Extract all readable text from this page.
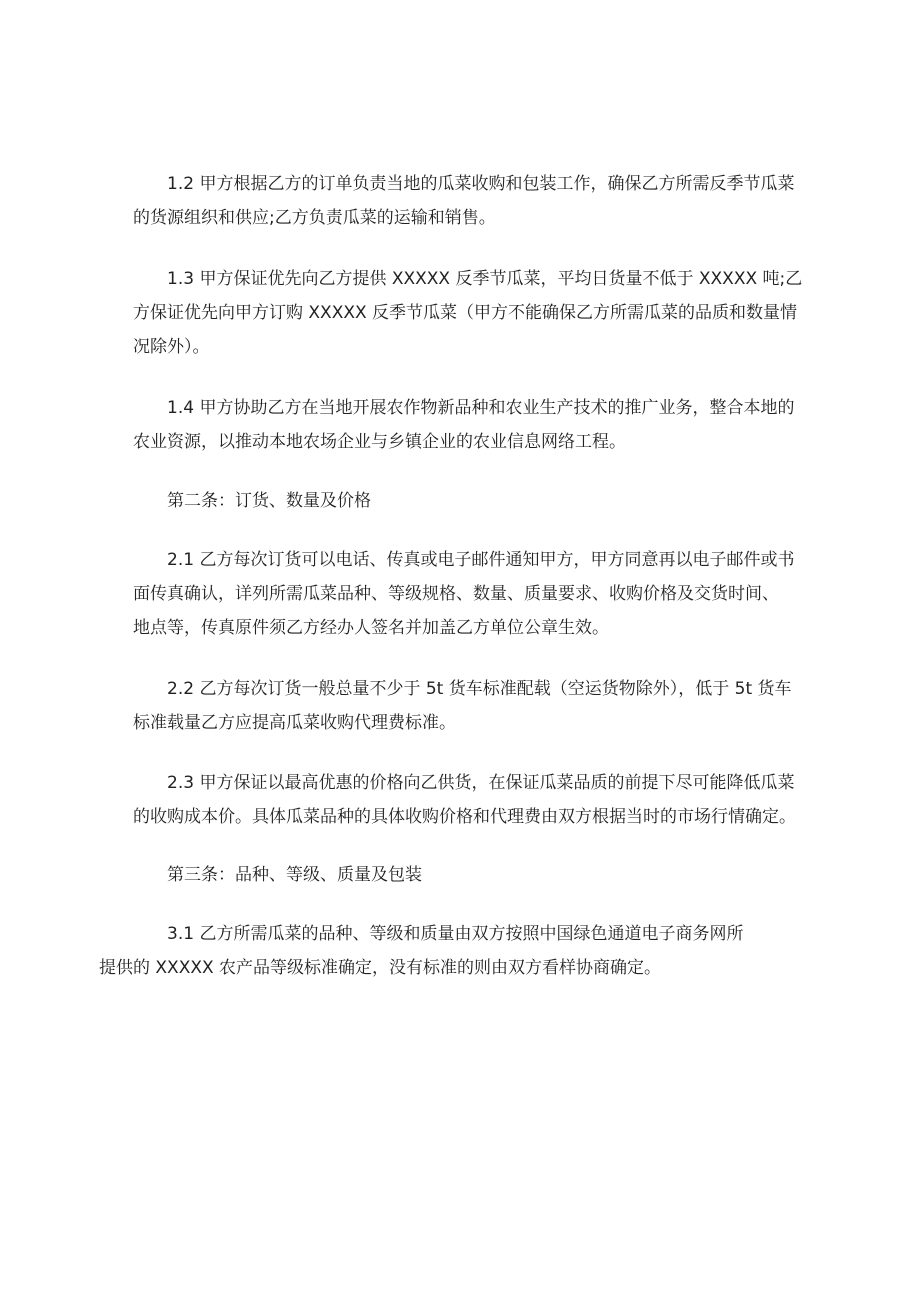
1.2 甲方根据乙方的订单负责当地的瓜菜收购和包装工作，确保乙方所需反季节瓜菜
的货源组织和供应;乙方负责瓜菜的运输和销售。

1.3 甲方保证优先向乙方提供 XXXXX 反季节瓜菜，平均日货量不低于 XXXXX 吨;乙
方保证优先向甲方订购 XXXXX 反季节瓜菜（甲方不能确保乙方所需瓜菜的品质和数量情
况除外）。

1.4 甲方协助乙方在当地开展农作物新品种和农业生产技术的推广业务，整合本地的
农业资源，以推动本地农场企业与乡镇企业的农业信息网络工程。

第二条：订货、数量及价格

2.1 乙方每次订货可以电话、传真或电子邮件通知甲方，甲方同意再以电子邮件或书
面传真确认，详列所需瓜菜品种、等级规格、数量、质量要求、收购价格及交货时间、
地点等，传真原件须乙方经办人签名并加盖乙方单位公章生效。

2.2 乙方每次订货一般总量不少于 5t 货车标准配载（空运货物除外），低于 5t 货车
标准载量乙方应提高瓜菜收购代理费标准。

2.3 甲方保证以最高优惠的价格向乙供货，在保证瓜菜品质的前提下尽可能降低瓜菜
的收购成本价。具体瓜菜品种的具体收购价格和代理费由双方根据当时的市场行情确定。

第三条：品种、等级、质量及包装

3.1 乙方所需瓜菜的品种、等级和质量由双方按照中国绿色通道电子商务网所
提供的 XXXXX 农产品等级标准确定，没有标准的则由双方看样协商确定。
